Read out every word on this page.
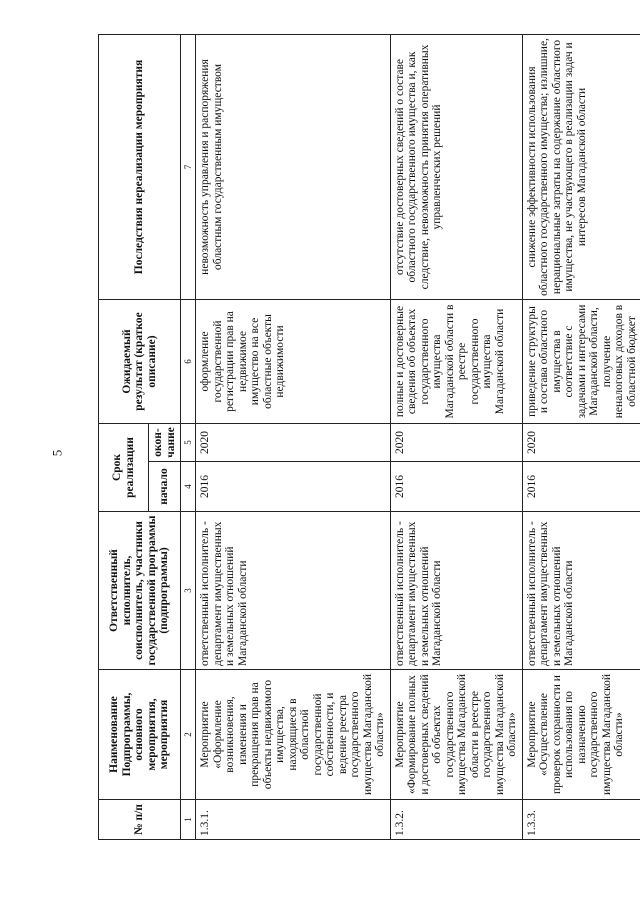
5
№ п/п	Наименование Подпрограммы, основного мероприятия, мероприятия	Ответственный исполнитель, соисполнитель, участники государственной программы (подпрограммы)	Срок реализации		Ожидаемый результат (краткое описание)	Последствия нереализации мероприятия
			начало	окон-чание		
1	2	3	4	5	6	7
1.3.1.	Мероприятие «Оформление возникновения, изменения и прекращения прав на объекты недвижимого имущества, находящиеся в областной государственной собственности, и ведение реестра государственного имущества Магаданской области»	ответственный исполнитель - департамент имущественных и земельных отношений Магаданской области	2016	2020	оформление государственной регистрации прав на недвижимое имущество на все областные объекты недвижимости	невозможность управления и распоряжения областным государственным имуществом
1.3.2.	Мероприятие «Формирование полных и достоверных сведений об объектах государственного имущества Магаданской области в реестре государственного имущества Магаданской области»	ответственный исполнитель - департамент имущественных и земельных отношений Магаданской области	2016	2020	полные и достоверные сведения об объектах государственного имущества Магаданской области в реестре государственного имущества Магаданской области	отсутствие достоверных сведений о составе областного государственного имущества и, как следствие, невозможность принятия оперативных управленческих решений
1.3.3.	Мероприятие «Осуществление проверок сохранности и использования по назначению государственного имущества Магаданской области»	ответственный исполнитель - департамент имущественных и земельных отношений Магаданской области	2016	2020	приведение структуры и состава областного имущества в соответствие с задачами и интересами Магаданской области, получение неналоговых доходов в областной бюджет	снижение эффективности использования областного государственного имущества; излишние, нерациональные затраты на содержание областного имущества, не участвующего в реализации задач и интересов Магаданской области
